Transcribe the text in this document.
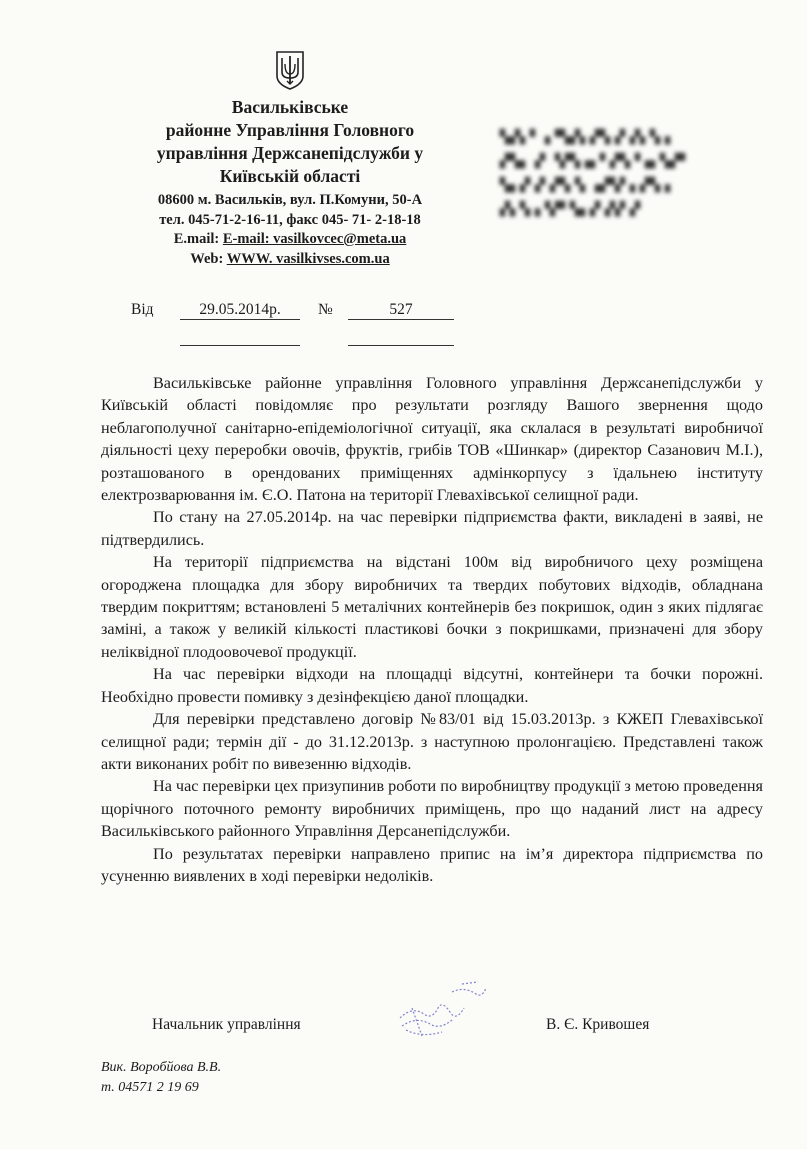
Васильківське
районне Управління Головного
управління Держсанепідслужби у
Київській області
08600 м. Васильків, вул. П.Комуни, 50-А
тел. 045-71-2-16-11, факс 045- 71- 2-18-18
E.mail: E-mail: vasilkovcec@meta.ua
Web: WWW. vasilkivses.com.ua
▚▞▖▘▗▝▚▞▖▞▚▗▘▞▖▚▗
▞▚▖▗▘▝▞▚▗▖▘▞▚▝▗▖▚▞▘
▚▖▞▗▘▞▚▝▖▗▞▚▘▖▞▚▗
▞▖▚▗▝▞▘▚▖▞▗▚▘▞
Від	29.05.2014р.	№	527

Васильківське районне управління Головного управління Держсанепідслужби у Київській області повідомляє про результати розгляду Вашого звернення щодо неблагополучної санітарно-епідеміологічної ситуації, яка склалася в результаті виробничої діяльності цеху переробки овочів, фруктів, грибів ТОВ «Шинкар» (директор Сазанович М.І.), розташованого в орендованих приміщеннях адмінкорпусу з їдальнею інституту електрозварювання ім. Є.О. Патона на території Глевахівської селищної ради.

По стану на 27.05.2014р. на час перевірки підприємства факти, викладені в заяві, не підтвердились.

На території підприємства на відстані 100м від виробничого цеху розміщена огороджена площадка для збору виробничих та твердих побутових відходів, обладнана твердим покриттям; встановлені 5 металічних контейнерів без покришок, один з яких підлягає заміні, а також у великій кількості пластикові бочки з покришками, призначені для збору неліквідної плодоовочевої продукції.

На час перевірки відходи на площадці відсутні, контейнери та бочки порожні. Необхідно провести помивку з дезінфекцією даної площадки.

Для перевірки представлено договір №83/01 від 15.03.2013р. з КЖЕП Глевахівської селищної ради; термін дії - до 31.12.2013р. з наступною пролонгацією. Представлені також акти виконаних робіт по вивезенню відходів.

На час перевірки цех призупинив роботи по виробництву продукції з метою проведення щорічного поточного ремонту виробничих приміщень, про що наданий лист на адресу Васильківського районного Управління Дерсанепідслужби.

По результатах перевірки направлено припис на ім’я директора підприємства по усуненню виявлених в ході перевірки недоліків.

Начальник управління	В. Є. Кривошея
Вик. Воробйова В.В.
т. 04571 2 19 69
